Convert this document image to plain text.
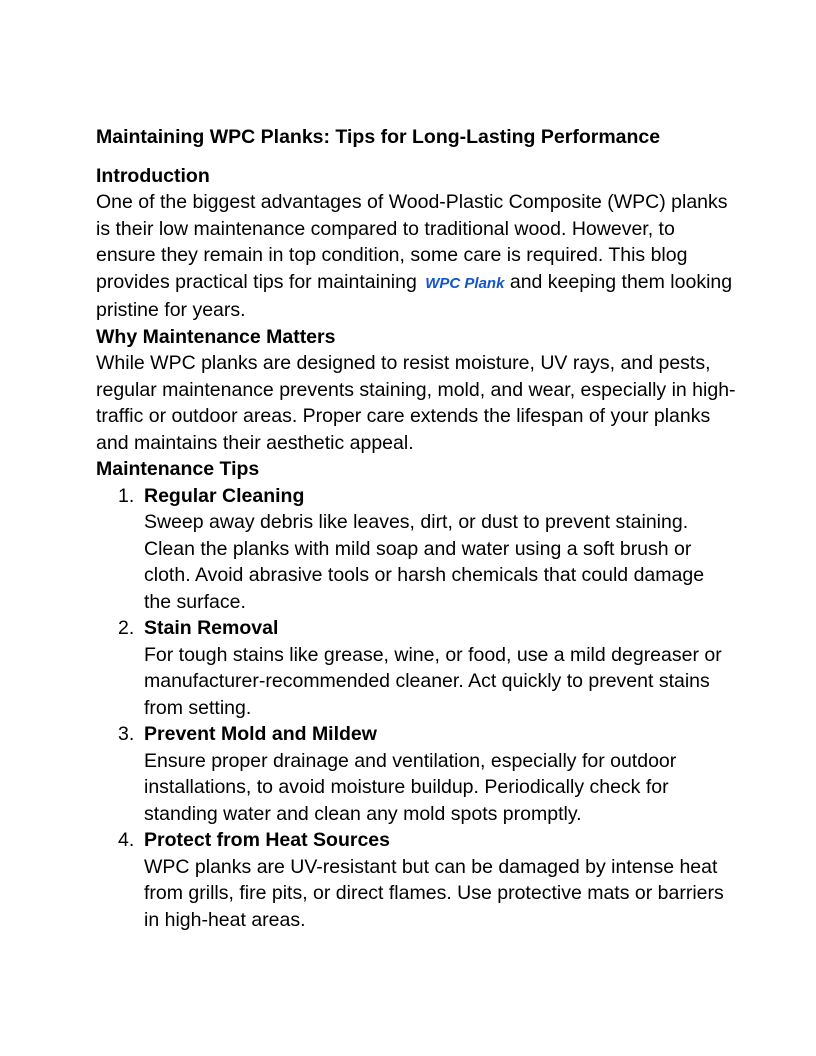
Maintaining WPC Planks: Tips for Long-Lasting Performance
Introduction

One of the biggest advantages of Wood-Plastic Composite (WPC) planks is their low maintenance compared to traditional wood. However, to ensure they remain in top condition, some care is required. This blog provides practical tips for maintaining WPC Plank and keeping them looking pristine for years.

Why Maintenance Matters

While WPC planks are designed to resist moisture, UV rays, and pests, regular maintenance prevents staining, mold, and wear, especially in high-traffic or outdoor areas. Proper care extends the lifespan of your planks and maintains their aesthetic appeal.

Maintenance Tips
1. Regular Cleaning
Sweep away debris like leaves, dirt, or dust to prevent staining. Clean the planks with mild soap and water using a soft brush or cloth. Avoid abrasive tools or harsh chemicals that could damage the surface.
2. Stain Removal
For tough stains like grease, wine, or food, use a mild degreaser or manufacturer-recommended cleaner. Act quickly to prevent stains from setting.
3. Prevent Mold and Mildew
Ensure proper drainage and ventilation, especially for outdoor installations, to avoid moisture buildup. Periodically check for standing water and clean any mold spots promptly.
4. Protect from Heat Sources
WPC planks are UV-resistant but can be damaged by intense heat from grills, fire pits, or direct flames. Use protective mats or barriers in high-heat areas.
